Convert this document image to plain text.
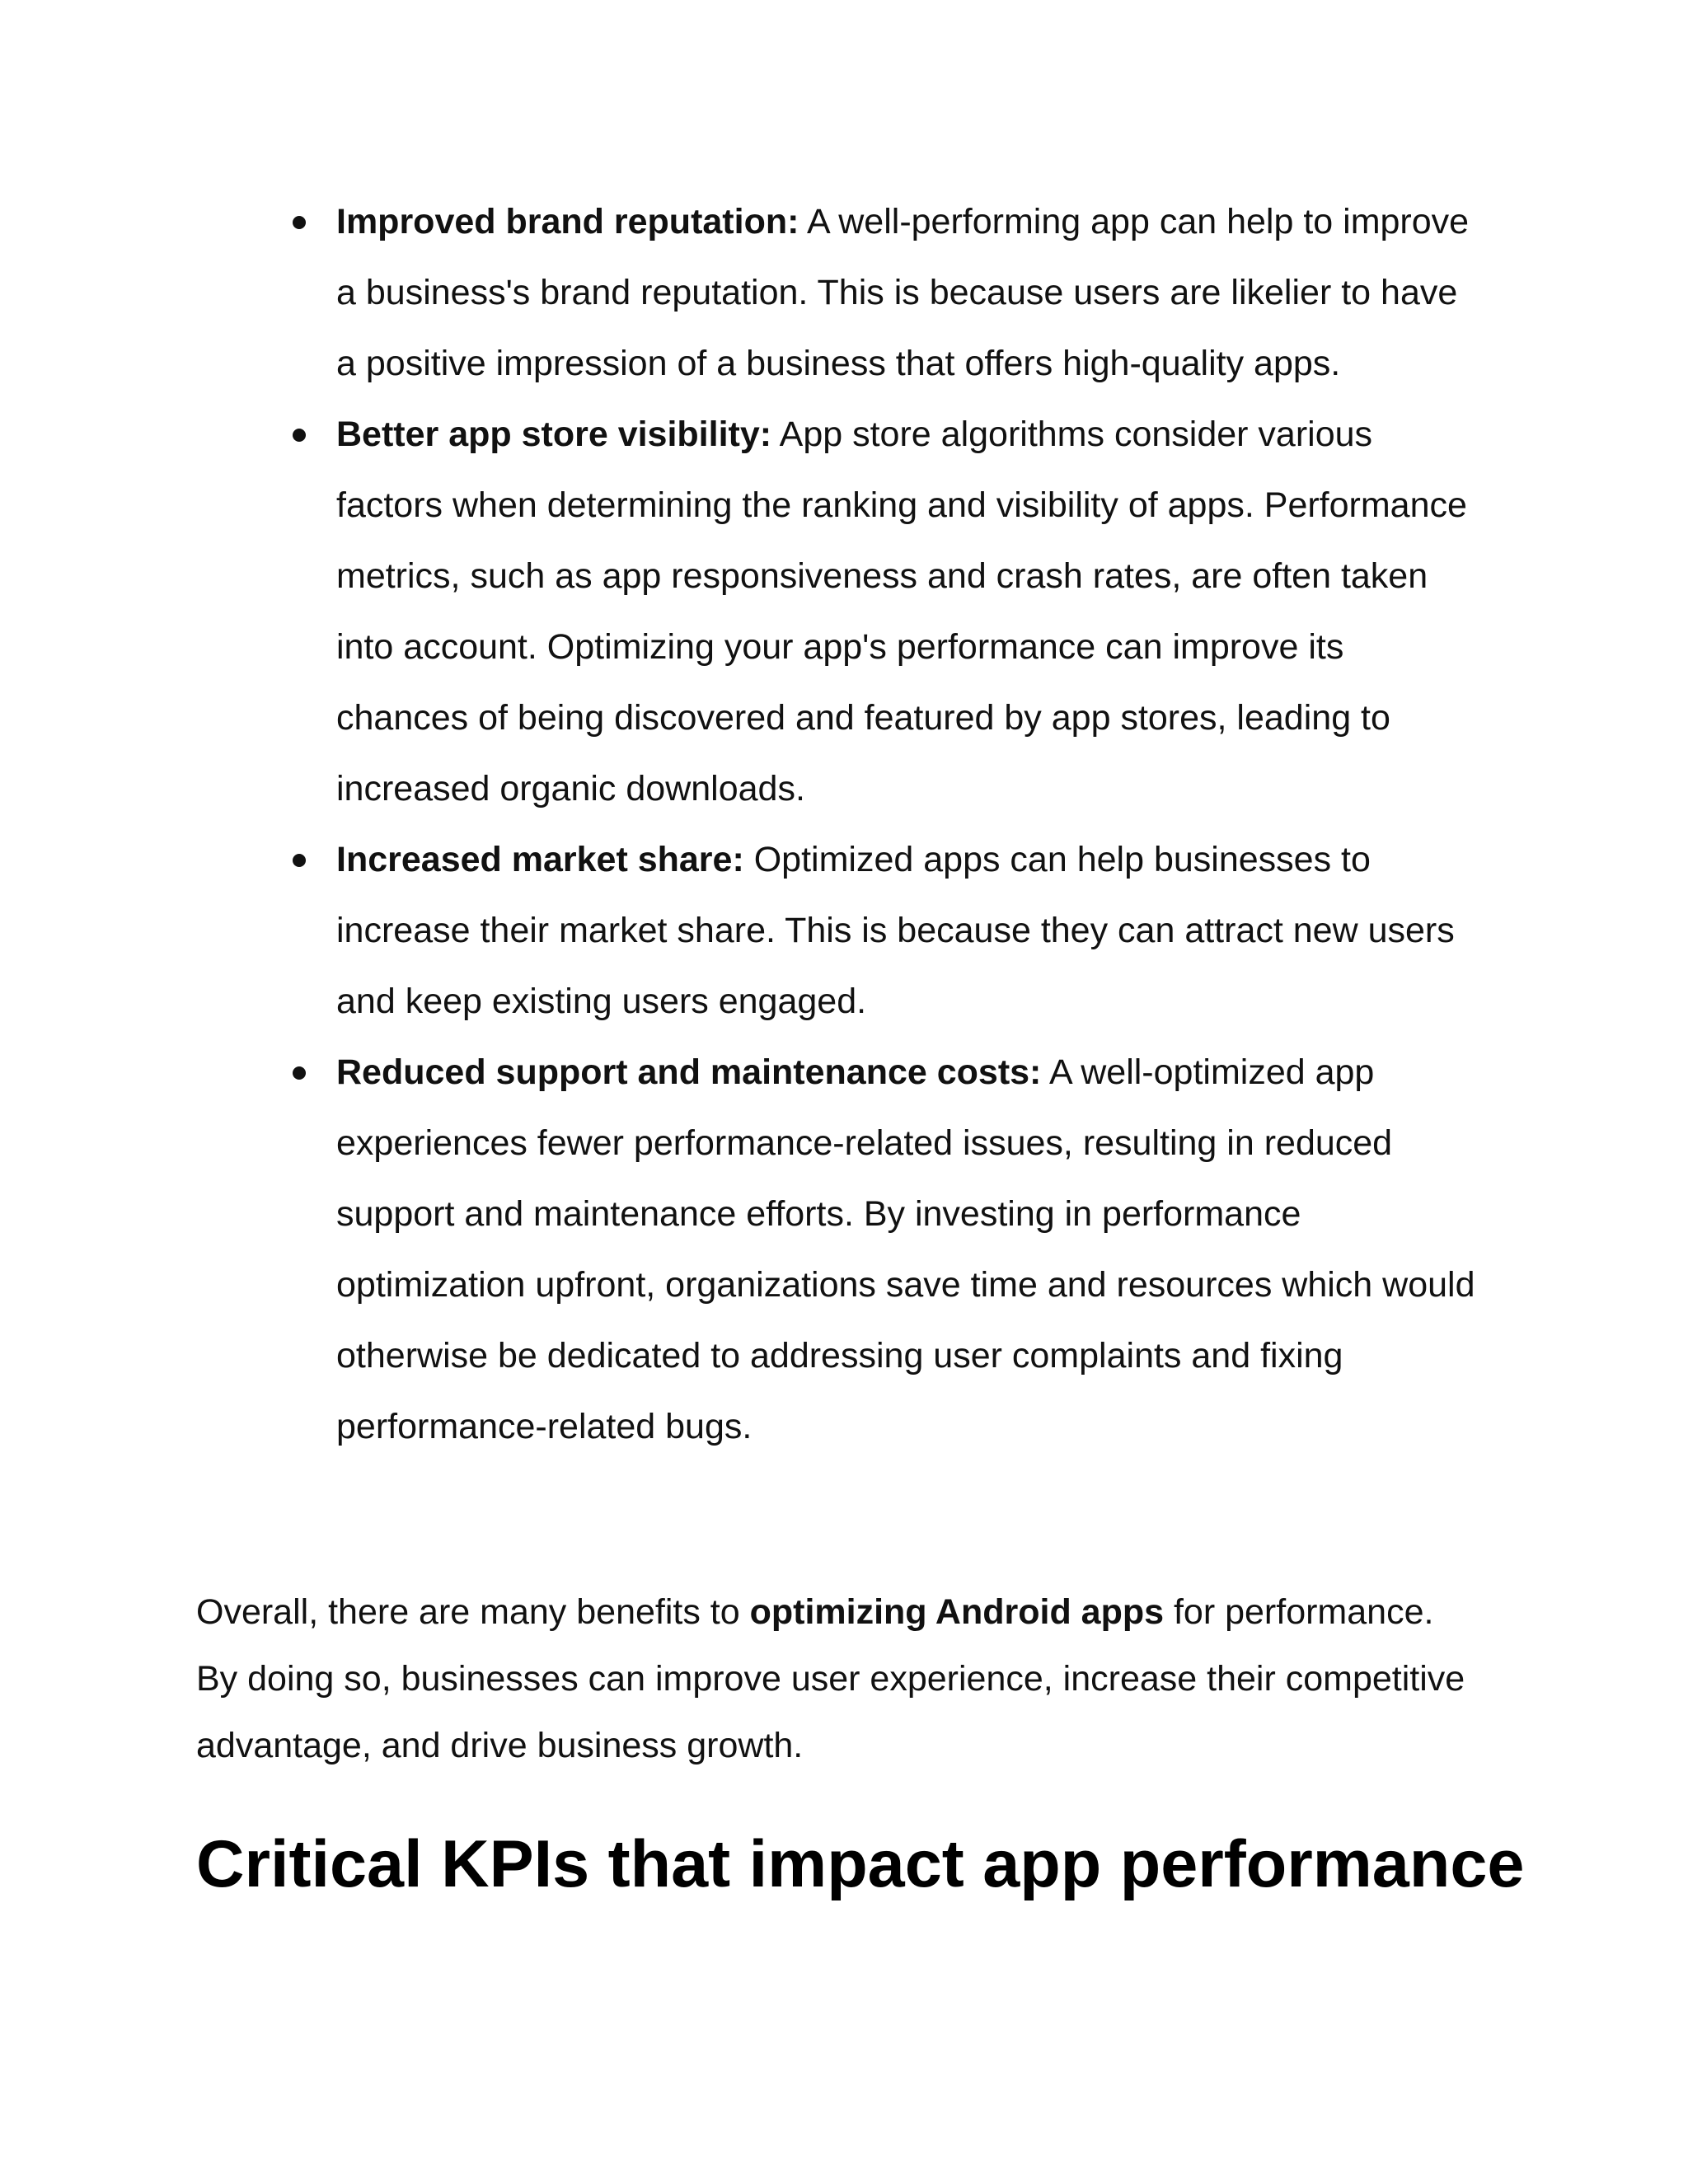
Improved brand reputation: A well-performing app can help to improve a business's brand reputation. This is because users are likelier to have a positive impression of a business that offers high-quality apps.
Better app store visibility: App store algorithms consider various factors when determining the ranking and visibility of apps. Performance metrics, such as app responsiveness and crash rates, are often taken into account. Optimizing your app's performance can improve its chances of being discovered and featured by app stores, leading to increased organic downloads.
Increased market share: Optimized apps can help businesses to increase their market share. This is because they can attract new users and keep existing users engaged.
Reduced support and maintenance costs: A well-optimized app experiences fewer performance-related issues, resulting in reduced support and maintenance efforts. By investing in performance optimization upfront, organizations save time and resources which would otherwise be dedicated to addressing user complaints and fixing performance-related bugs.

Overall, there are many benefits to optimizing Android apps for performance. By doing so, businesses can improve user experience, increase their competitive advantage, and drive business growth.

Critical KPIs that impact app performance
